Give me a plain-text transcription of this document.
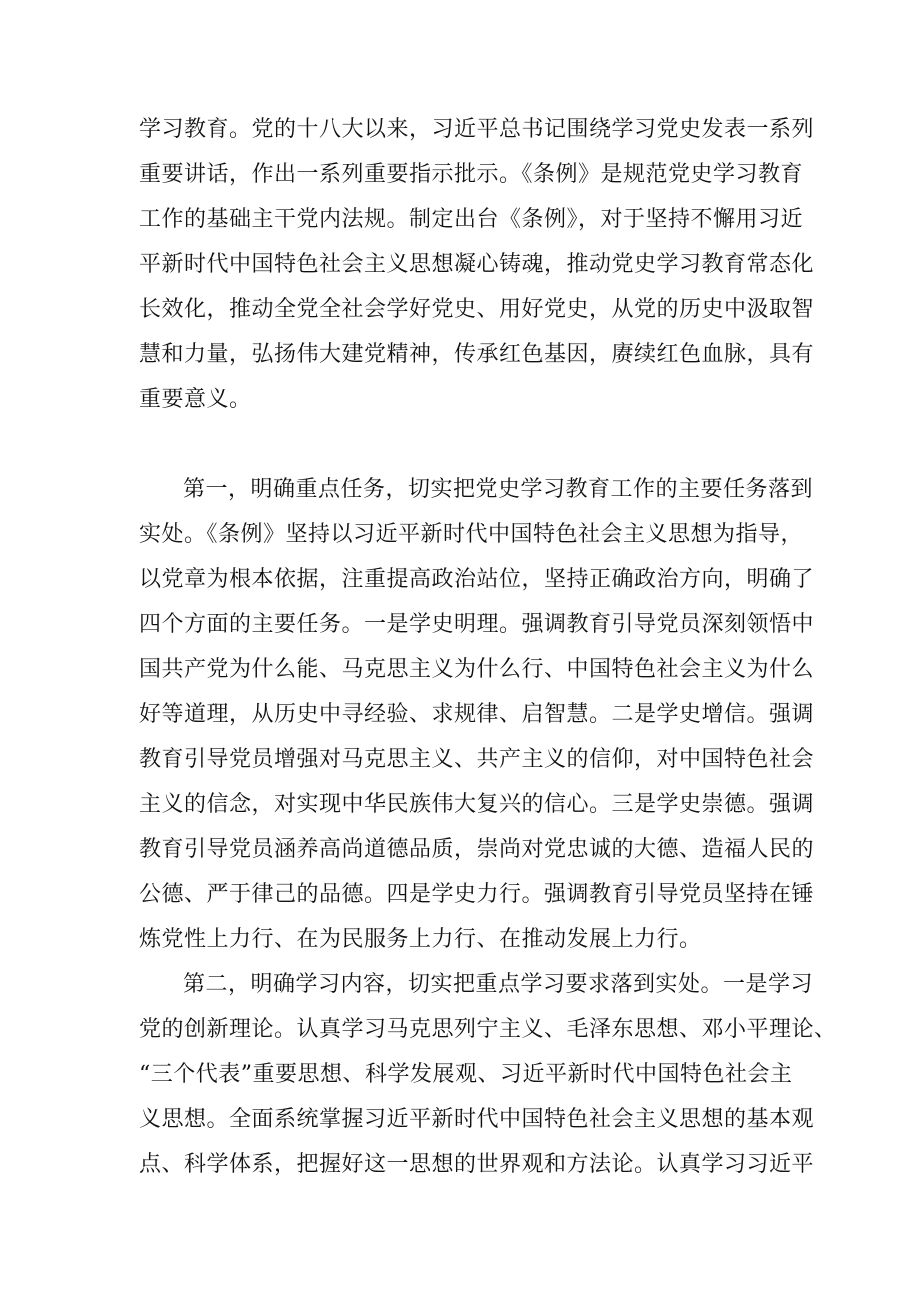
学习教育。党的十八大以来，习近平总书记围绕学习党史发表一系列
重要讲话，作出一系列重要指示批示。《条例》是规范党史学习教育
工作的基础主干党内法规。制定出台《条例》，对于坚持不懈用习近
平新时代中国特色社会主义思想凝心铸魂，推动党史学习教育常态化
长效化，推动全党全社会学好党史、用好党史，从党的历史中汲取智
慧和力量，弘扬伟大建党精神，传承红色基因，赓续红色血脉，具有
重要意义。
第一，明确重点任务，切实把党史学习教育工作的主要任务落到
实处。《条例》坚持以习近平新时代中国特色社会主义思想为指导，
以党章为根本依据，注重提高政治站位，坚持正确政治方向，明确了
四个方面的主要任务。一是学史明理。强调教育引导党员深刻领悟中
国共产党为什么能、马克思主义为什么行、中国特色社会主义为什么
好等道理，从历史中寻经验、求规律、启智慧。二是学史增信。强调
教育引导党员增强对马克思主义、共产主义的信仰，对中国特色社会
主义的信念，对实现中华民族伟大复兴的信心。三是学史崇德。强调
教育引导党员涵养高尚道德品质，崇尚对党忠诚的大德、造福人民的
公德、严于律己的品德。四是学史力行。强调教育引导党员坚持在锤
炼党性上力行、在为民服务上力行、在推动发展上力行。
第二，明确学习内容，切实把重点学习要求落到实处。一是学习
党的创新理论。认真学习马克思列宁主义、毛泽东思想、邓小平理论、
“三个代表”重要思想、科学发展观、习近平新时代中国特色社会主
义思想。全面系统掌握习近平新时代中国特色社会主义思想的基本观
点、科学体系，把握好这一思想的世界观和方法论。认真学习习近平
